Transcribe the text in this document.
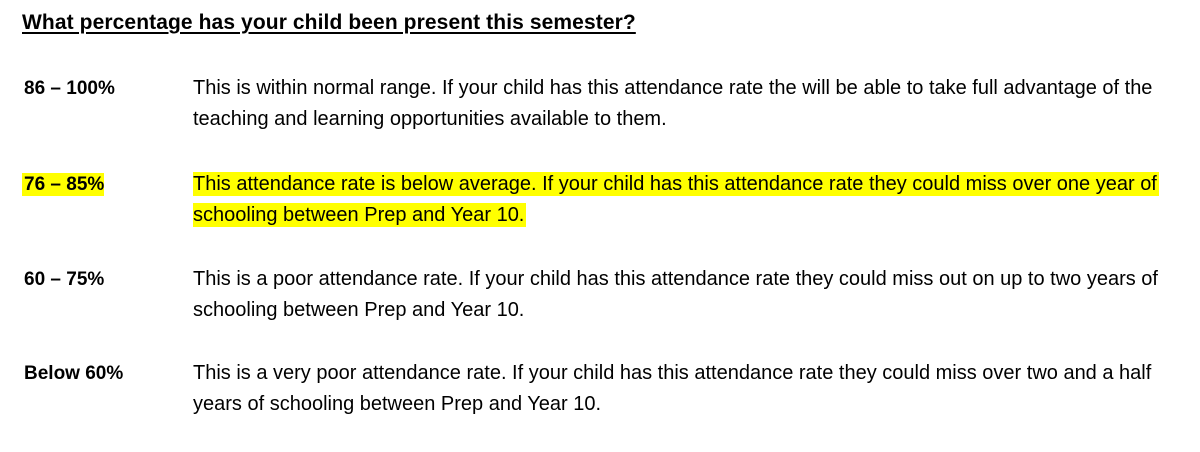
What percentage has your child been present this semester?
86 – 100%	This is within normal range. If your child has this attendance rate the will be able to take full advantage of the teaching and learning opportunities available to them.
76 – 85%	This attendance rate is below average. If your child has this attendance rate they could miss over one year of schooling between Prep and Year 10.
60 – 75%	This is a poor attendance rate. If your child has this attendance rate they could miss out on up to two years of schooling between Prep and Year 10.
Below 60%	This is a very poor attendance rate. If your child has this attendance rate they could miss over two and a half years of schooling between Prep and Year 10.
